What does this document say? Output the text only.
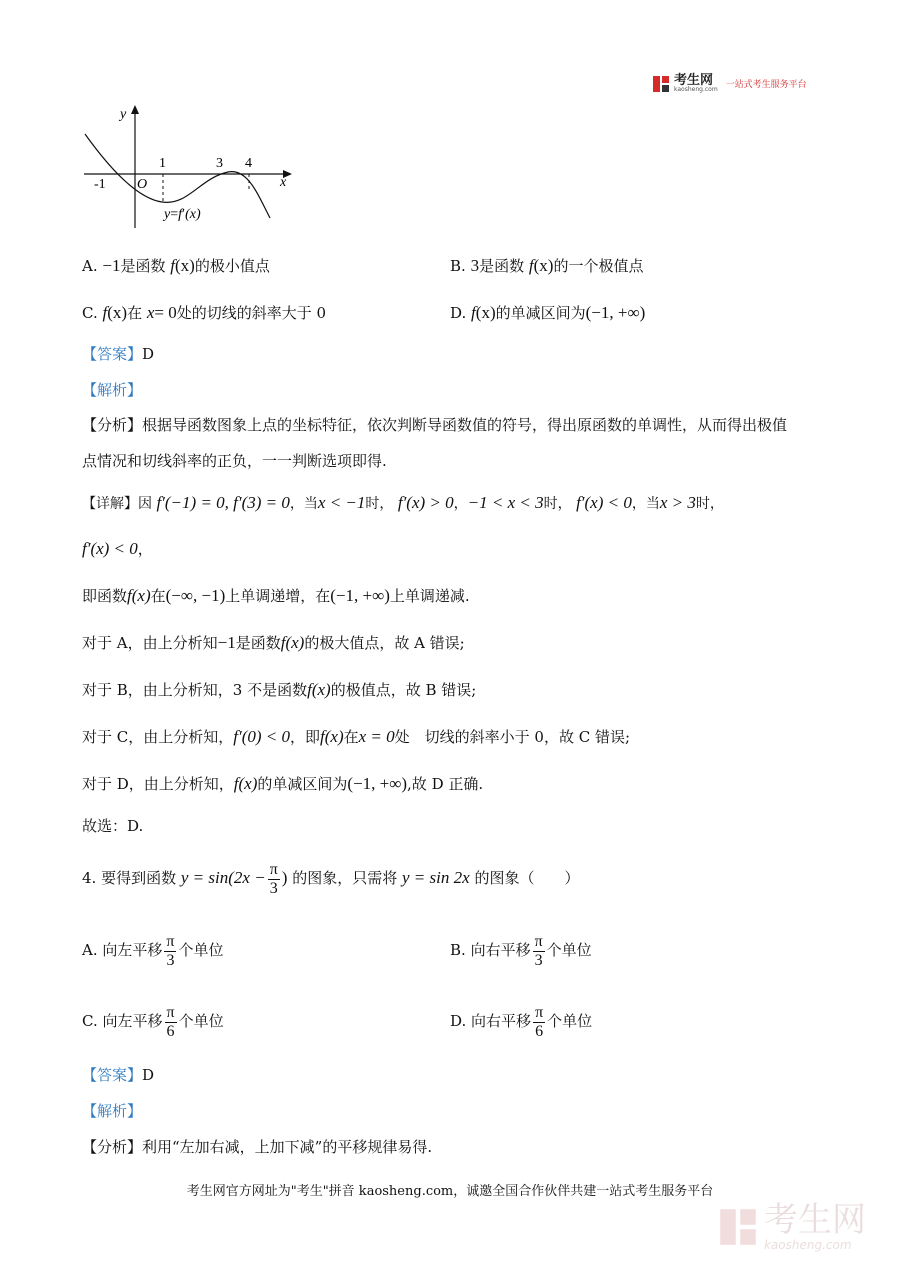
考生网
kaosheng.com 一站式考生服务平台
y
x
-1 O
1	3 4
y=f′(x)
A. −1是函数 f(x)的极小值点	B. 3是函数 f(x)的一个极值点
C. f(x)在 x= 0处的切线的斜率大于 0	D. f(x)的单减区间为(−1, +∞)
【答案】D
【解析】
【分析】根据导函数图象上点的坐标特征，依次判断导函数值的符号，得出原函数的单调性，从而得出极值
点情况和切线斜率的正负，一一判断选项即得.
【详解】因 f′(−1) = 0, f′(3) = 0，当x < −1时， f′(x) > 0，−1 < x < 3时， f′(x) < 0，当x > 3时，
f′(x) < 0，
即函数f(x)在(−∞, −1)上单调递增，在(−1, +∞)上单调递减.
对于 A，由上分析知−1是函数f(x)的极大值点，故 A 错误;
对于 B，由上分析知，3 不是函数f(x)的极值点，故 B 错误;
对于 C，由上分析知，f′(0) < 0，即f(x)在x = 0处　切线的斜率小于 0，故 C 错误;
对于 D，由上分析知，f(x)的单减区间为(−1, +∞),故 D 正确.
故选：D.
4. 要得到函数 $y = \sin(2x - \frac{\pi}{3}$ ) 的图象，只需将 y = sin 2x 的图象（　　）
A. 向左平移 $\frac{\pi}{3}$ 个单位	B. 向右平移 $\frac{\pi}{3}$ 个单位
C. 向左平移 $\frac{\pi}{6}$ 个单位	D. 向右平移 $\frac{\pi}{6}$ 个单位
【答案】D
【解析】
【分析】利用“左加右减，上加下减”的平移规律易得.
考生网官方网址为"考生"拼音 kaosheng.com，诚邀全国合作伙伴共建一站式考生服务平台
考生网
kaosheng.com
